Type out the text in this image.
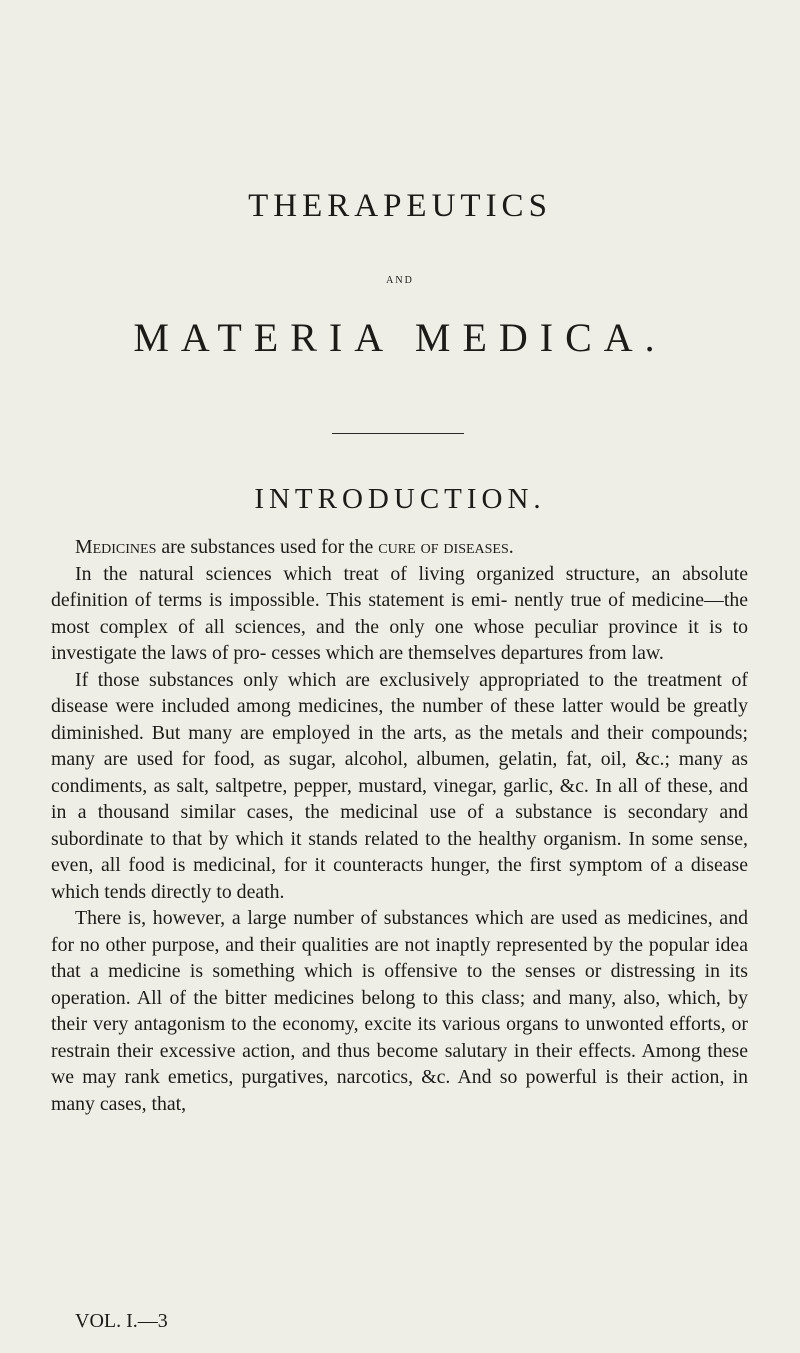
THERAPEUTICS
AND
MATERIA MEDICA.
INTRODUCTION.

Medicines are substances used for the cure of diseases.

In the natural sciences which treat of living organized structure, an absolute definition of terms is impossible. This statement is emi- nently true of medicine—the most complex of all sciences, and the only one whose peculiar province it is to investigate the laws of pro- cesses which are themselves departures from law.

If those substances only which are exclusively appropriated to the treatment of disease were included among medicines, the number of these latter would be greatly diminished. But many are employed in the arts, as the metals and their compounds; many are used for food, as sugar, alcohol, albumen, gelatin, fat, oil, &c.; many as condiments, as salt, saltpetre, pepper, mustard, vinegar, garlic, &c. In all of these, and in a thousand similar cases, the medicinal use of a substance is secondary and subordinate to that by which it stands related to the healthy organism. In some sense, even, all food is medicinal, for it counteracts hunger, the first symptom of a disease which tends directly to death.

There is, however, a large number of substances which are used as medicines, and for no other purpose, and their qualities are not inaptly represented by the popular idea that a medicine is something which is offensive to the senses or distressing in its operation. All of the bitter medicines belong to this class; and many, also, which, by their very antagonism to the economy, excite its various organs to unwonted efforts, or restrain their excessive action, and thus become salutary in their effects. Among these we may rank emetics, purgatives, narcotics, &c. And so powerful is their action, in many cases, that,

VOL. I.—3
